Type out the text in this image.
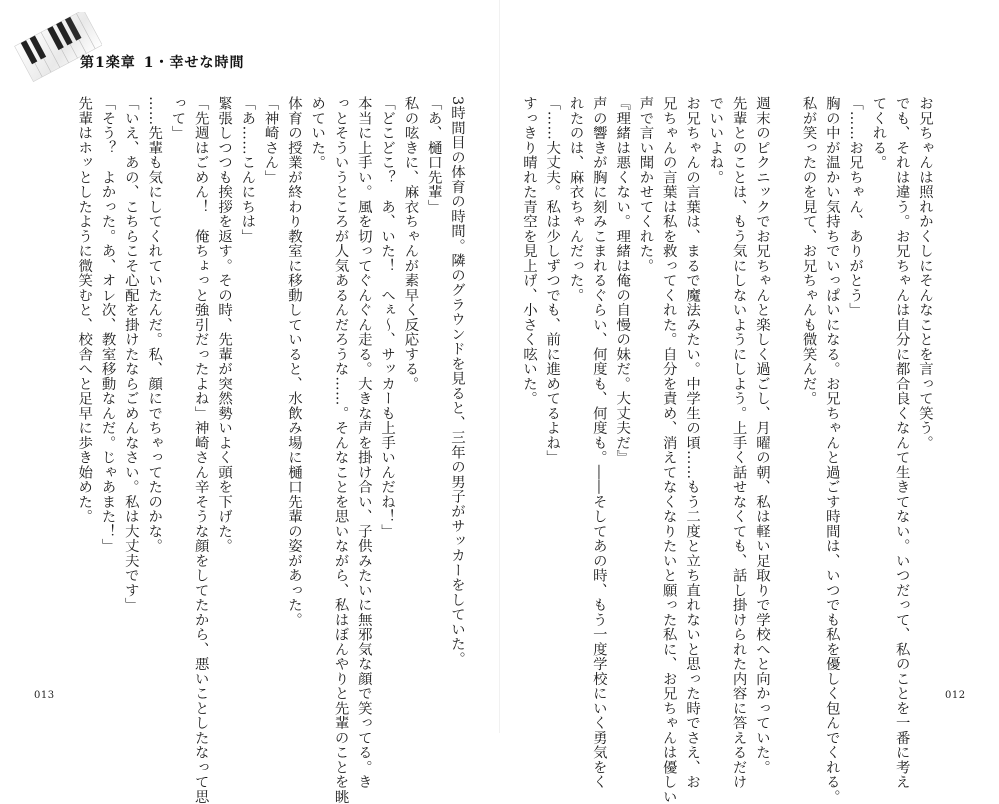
第1楽章 1・幸せな時間
お兄ちゃんは照れかくしにそんなことを言って笑う。
でも、それは違う。お兄ちゃんは自分に都合良くなんて生きてない。いつだって、私のことを一番に考え
てくれる。
「……お兄ちゃん、ありがとう」
胸の中が温かい気持ちでいっぱいになる。お兄ちゃんと過ごす時間は、いつでも私を優しく包んでくれる。
私が笑ったのを見て、お兄ちゃんも微笑んだ。
週末のピクニックでお兄ちゃんと楽しく過ごし、月曜の朝、私は軽い足取りで学校へと向かっていた。
先輩とのことは、もう気にしないようにしよう。上手く話せなくても、話し掛けられた内容に答えるだけ
でいいよね。
お兄ちゃんの言葉は、まるで魔法みたい。中学生の頃……もう二度と立ち直れないと思った時でさえ、お
兄ちゃんの言葉は私を救ってくれた。自分を責め、消えてなくなりたいと願った私に、お兄ちゃんは優しい
声で言い聞かせてくれた。
『理緒は悪くない。理緒は俺の自慢の妹だ。大丈夫だ』
声の響きが胸に刻みこまれるぐらい、何度も、何度も。――そしてあの時、もう一度学校にいく勇気をく
れたのは、麻衣ちゃんだった。
「……大丈夫。私は少しずつでも、前に進めてるよね」
すっきり晴れた青空を見上げ、小さく呟いた。
3時間目の体育の時間。隣のグラウンドを見ると、三年の男子がサッカーをしていた。
「あ、樋口先輩」
私の呟きに、麻衣ちゃんが素早く反応する。
「どこどこ？　あ、いた！　へぇ～、サッカーも上手いんだね！」
本当に上手い。風を切ってぐんぐん走る。大きな声を掛け合い、子供みたいに無邪気な顔で笑ってる。き
っとそういうところが人気あるんだろうな……。そんなことを思いながら、私はぼんやりと先輩のことを眺
めていた。
体育の授業が終わり教室に移動していると、水飲み場に樋口先輩の姿があった。
「神崎さん」
「あ……こんにちは」
緊張しつつも挨拶を返す。その時、先輩が突然勢いよく頭を下げた。
「先週はごめん！　俺ちょっと強引だったよね」神崎さん辛そうな顔をしてたから、悪いことしたなって思
って」
……先輩も気にしてくれていたんだ。私、顔にでちゃってたのかな。
「いえ、あの、こちらこそ心配を掛けたならごめんなさい。私は大丈夫です」
「そう？　よかった。あ、オレ次、教室移動なんだ。じゃあまた！」
先輩はホッとしたように微笑むと、校舎へと足早に歩き始めた。
013	012
